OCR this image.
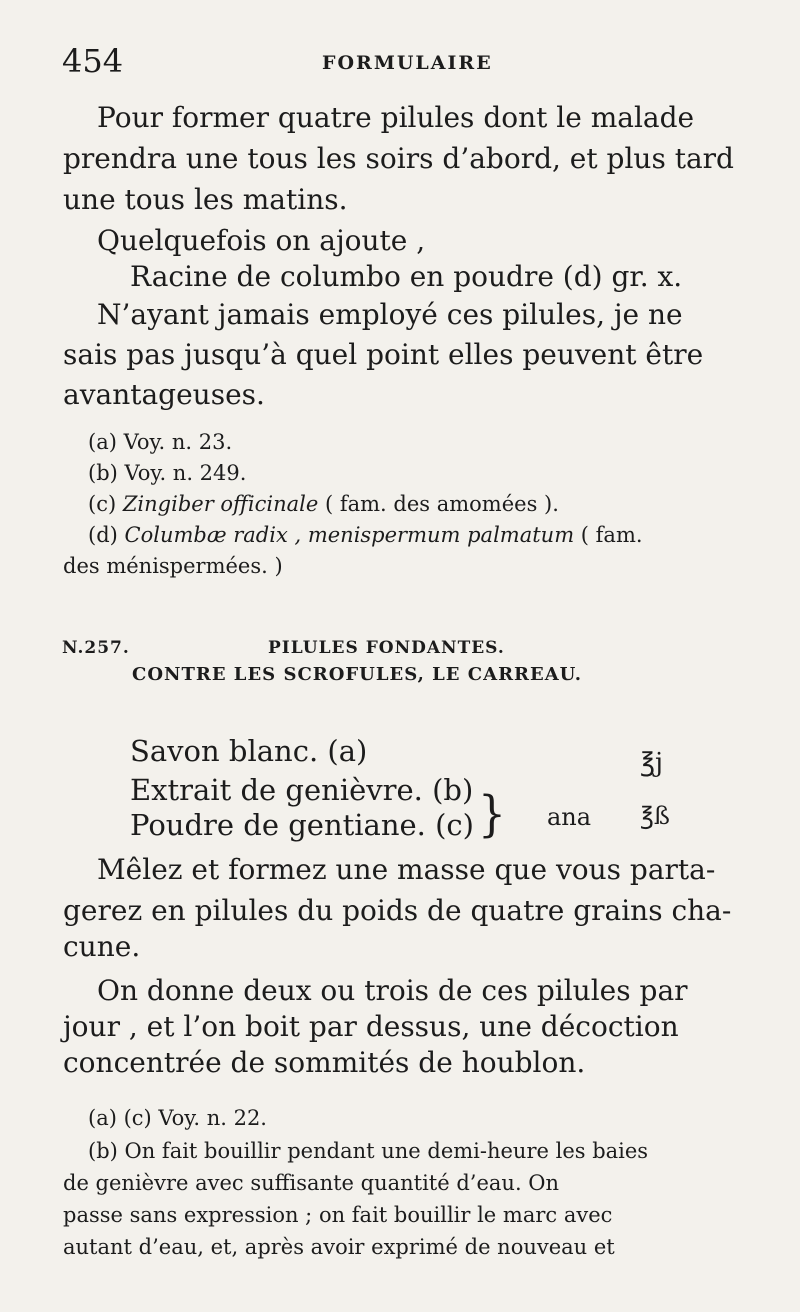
454	FORMULAIRE
Pour former quatre pilules dont le malade
prendra une tous les soirs d’abord, et plus tard
une tous les matins.
Quelquefois on ajoute ,
Racine de columbo en poudre (d) gr. x.
N’ayant jamais employé ces pilules, je ne
sais pas jusqu’à quel point elles peuvent être
avantageuses.
(a) Voy. n. 23.
(b) Voy. n. 249.
(c) Zingiber officinale ( fam. des amomées ).
(d) Columbæ radix , menispermum palmatum ( fam.
des ménispermées. )
N.257.	PILULES FONDANTES.
CONTRE LES SCROFULES, LE CARREAU.
Savon blanc. (a)	℥j
Extrait de genièvre. (b)
Poudre de gentiane. (c) } ana ℥ß
Mêlez et formez une masse que vous parta-
gerez en pilules du poids de quatre grains cha-
cune.
On donne deux ou trois de ces pilules par
jour , et l’on boit par dessus, une décoction
concentrée de sommités de houblon.
(a) (c) Voy. n. 22.
(b) On fait bouillir pendant une demi-heure les baies
de genièvre avec suffisante quantité d’eau. On
passe sans expression ; on fait bouillir le marc avec
autant d’eau, et, après avoir exprimé de nouveau et
